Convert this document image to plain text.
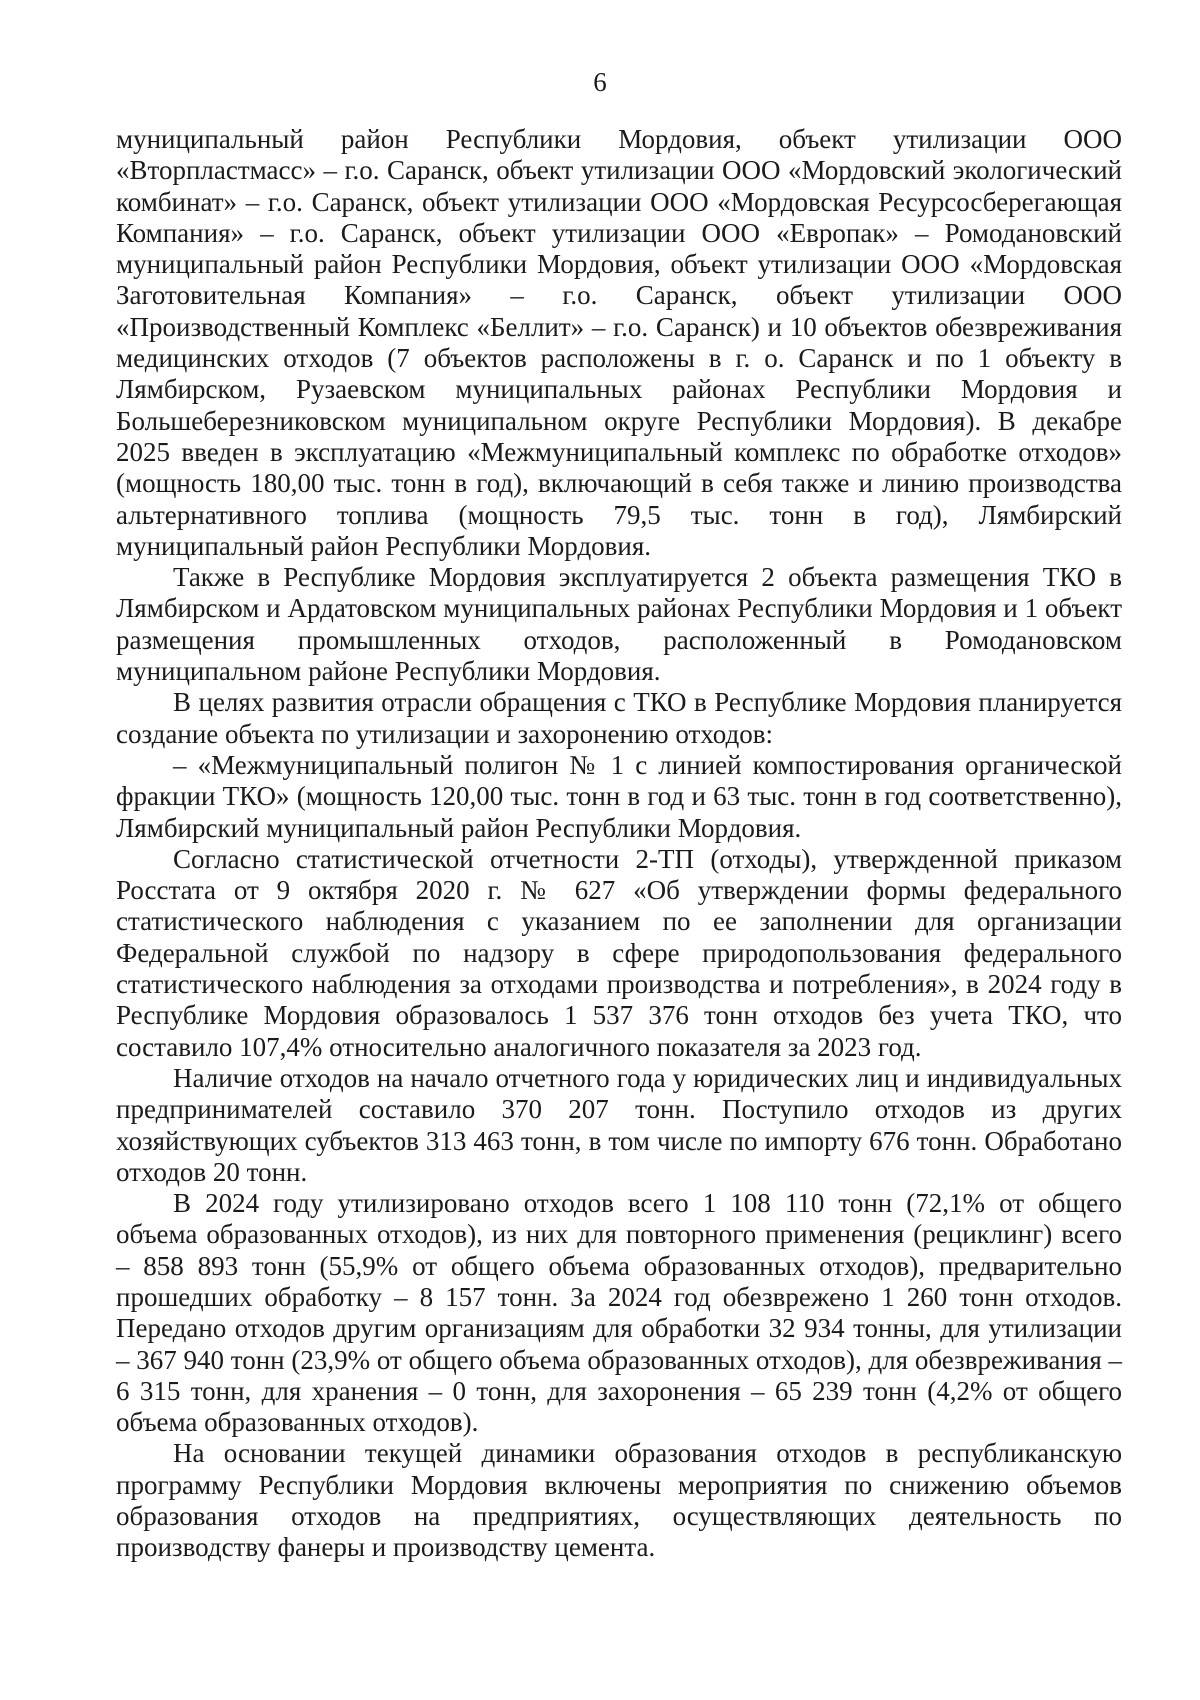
6

муниципальный район Республики Мордовия, объект утилизации ООО «Вторпластмасс» – г.о. Саранск, объект утилизации ООО «Мордовский экологический комбинат» – г.о. Саранск, объект утилизации ООО «Мордовская Ресурсосберегающая Компания» – г.о. Саранск, объект утилизации ООО «Европак» – Ромодановский муниципальный район Республики Мордовия, объект утилизации ООО «Мордовская Заготовительная Компания» – г.о. Саранск, объект утилизации ООО «Производственный Комплекс «Беллит» – г.о. Саранск) и 10 объектов обезвреживания медицинских отходов (7 объектов расположены в г. о. Саранск и по 1 объекту в Лямбирском, Рузаевском муниципальных районах Республики Мордовия и Большеберезниковском муниципальном округе Республики Мордовия). В декабре 2025 введен в эксплуатацию «Межмуниципальный комплекс по обработке отходов» (мощность 180,00 тыс. тонн в год), включающий в себя также и линию производства альтернативного топлива (мощность 79,5 тыс. тонн в год), Лямбирский муниципальный район Республики Мордовия.

Также в Республике Мордовия эксплуатируется 2 объекта размещения ТКО в Лямбирском и Ардатовском муниципальных районах Республики Мордовия и 1 объект размещения промышленных отходов, расположенный в Ромодановском муниципальном районе Республики Мордовия.

В целях развития отрасли обращения с ТКО в Республике Мордовия планируется создание объекта по утилизации и захоронению отходов:

– «Межмуниципальный полигон № 1 с линией компостирования органической фракции ТКО» (мощность 120,00 тыс. тонн в год и 63 тыс. тонн в год соответственно), Лямбирский муниципальный район Республики Мордовия.

Согласно статистической отчетности 2-ТП (отходы), утвержденной приказом Росстата от 9 октября 2020 г. № 627 «Об утверждении формы федерального статистического наблюдения с указанием по ее заполнении для организации Федеральной службой по надзору в сфере природопользования федерального статистического наблюдения за отходами производства и потребления», в 2024 году в Республике Мордовия образовалось 1 537 376 тонн отходов без учета ТКО, что составило 107,4% относительно аналогичного показателя за 2023 год.

Наличие отходов на начало отчетного года у юридических лиц и индивидуальных предпринимателей составило 370 207 тонн. Поступило отходов из других хозяйствующих субъектов 313 463 тонн, в том числе по импорту 676 тонн. Обработано отходов 20 тонн.

В 2024 году утилизировано отходов всего 1 108 110 тонн (72,1% от общего объема образованных отходов), из них для повторного применения (рециклинг) всего – 858 893 тонн (55,9% от общего объема образованных отходов), предварительно прошедших обработку – 8 157 тонн. За 2024 год обезврежено 1 260 тонн отходов. Передано отходов другим организациям для обработки 32 934 тонны, для утилизации – 367 940 тонн (23,9% от общего объема образованных отходов), для обезвреживания – 6 315 тонн, для хранения – 0 тонн, для захоронения – 65 239 тонн (4,2% от общего объема образованных отходов).

На основании текущей динамики образования отходов в республиканскую программу Республики Мордовия включены мероприятия по снижению объемов образования отходов на предприятиях, осуществляющих деятельность по производству фанеры и производству цемента.
